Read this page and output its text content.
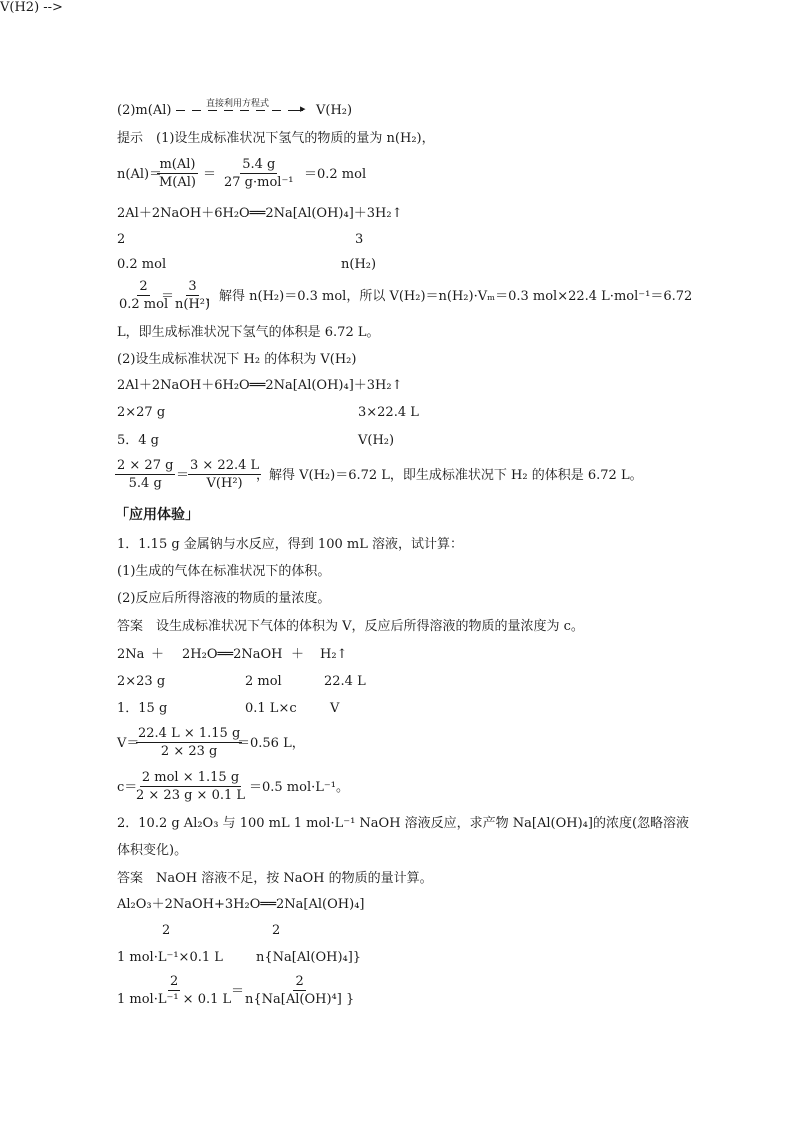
V(H2) -->
(2)m(Al)	直接利用方程式	▸ V(H₂)
提示　(1)设生成标准状况下氢气的物质的量为 n(H₂)，
n(Al)＝
$\frac{m(Al)}{M(Al)}$ ＝
5.4 g
27 g·mol⁻¹
＝0.2 mol
2Al＋2NaOH＋6H₂O══2Na[Al(OH)₄]＋3H₂↑
2	3
0.2 mol	n(H₂)
2
0.2 mol
＝
$\frac{3}{\text{n(H²)}}$
，解得 n(H₂)＝0.3 mol，所以 V(H₂)＝n(H₂)·Vₘ＝0.3 mol×22.4 L·mol⁻¹＝6.72
L，即生成标准状况下氢气的体积是 6.72 L。
(2)设生成标准状况下 H₂ 的体积为 V(H₂)
2Al＋2NaOH＋6H₂O══2Na[Al(OH)₄]＋3H₂↑
2×27 g	3×22.4 L
5．4 g	V(H₂)
$\frac{2 \times 27 g}{5.4 g}$ ＝
$\frac{3 \times 22.4 L}{\text{V(H²)}}$
，解得 V(H₂)＝6.72 L，即生成标准状况下 H₂ 的体积是 6.72 L。
「应用体验」
1．1.15 g 金属钠与水反应，得到 100 mL 溶液，试计算：
(1)生成的气体在标准状况下的体积。
(2)反应后所得溶液的物质的量浓度。
答案　设生成标准状况下气体的体积为 V，反应后所得溶液的物质的量浓度为 c。
2Na ＋ 2H₂O══2NaOH ＋ H₂↑
2×23 g	2 mol	22.4 L
1．15 g	0.1 L×c	V
V＝
$\frac{22.4 L \times 1.15 g}{2 \times 23 g}$
＝0.56 L，
c＝
2 mol × 1.15 g
2 × 23 g × 0.1 L
＝0.5 mol·L⁻¹。
2．10.2 g Al₂O₃ 与 100 mL 1 mol·L⁻¹ NaOH 溶液反应，求产物 Na[Al(OH)₄]的浓度(忽略溶液
体积变化)。
答案　NaOH 溶液不足，按 NaOH 的物质的量计算。
Al₂O₃＋2NaOH+3H₂O══2Na[Al(OH)₄]
2	2
1 mol·L⁻¹×0.1 L	n{Na[Al(OH)₄]}
2
1 mol·L⁻¹ × 0.1 L
＝
$\frac{2}{\text{n\{Na[Al(OH)⁴] \}}}$
